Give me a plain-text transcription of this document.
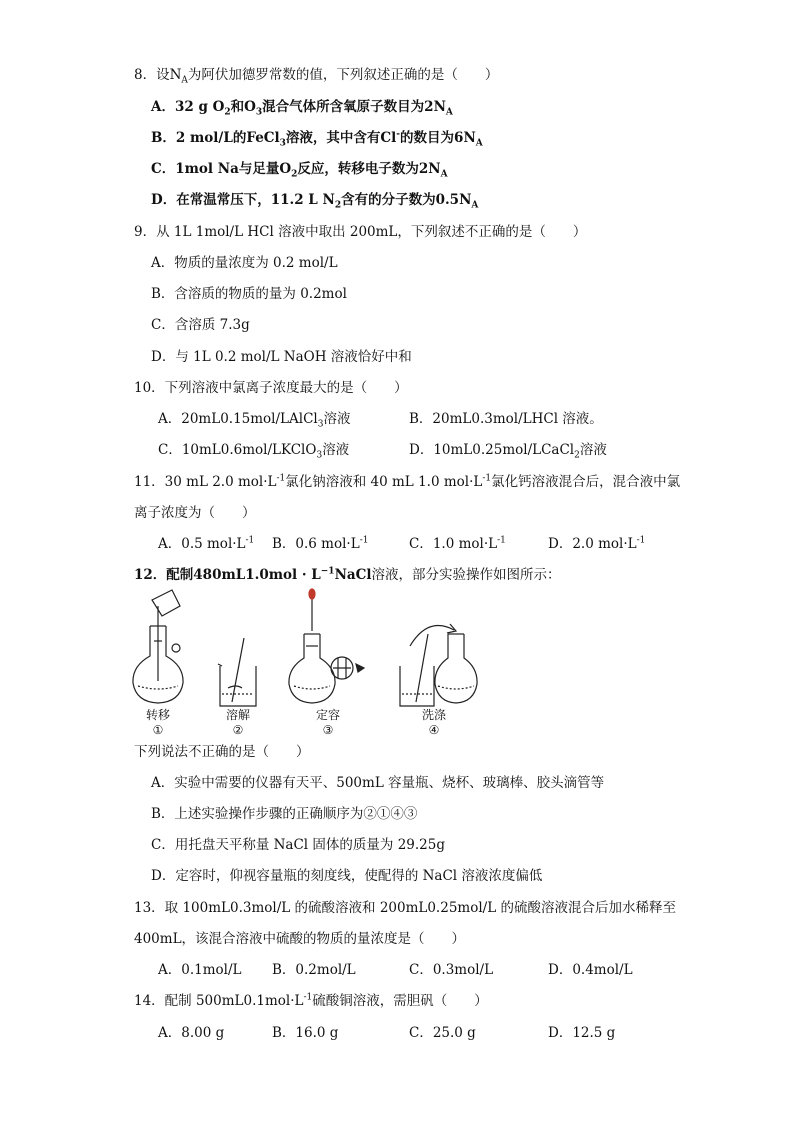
8．设$N_A$为阿伏加德罗常数的值，下列叙述正确的是（　　）
A．32 g $O_2$和$O_3$混合气体所含氧原子数目为$2N_A$
B．2 mol/L的FeCl$_3$溶液，其中含有Cl-的数目为$6N_A$
C．1mol Na与足量$O_2$反应，转移电子数为$2N_A$
D．在常温常压下，11.2 L $N_2$含有的分子数为$0.5N_A$
9．从 1L 1mol/L HCl 溶液中取出 200mL，下列叙述不正确的是（　　）
A．物质的量浓度为 0.2 mol/L
B．含溶质的物质的量为 0.2mol
C．含溶质 7.3g
D．与 1L 0.2 mol/L NaOH 溶液恰好中和
10．下列溶液中氯离子浓度最大的是（　　）
A．20mL0.15mol/LAlCl$_3$溶液	B．20mL0.3mol/LHCl 溶液。
C．10mL0.6mol/LKClO$_3$溶液	D．10mL0.25mol/LCaCl$_2$溶液
11．30 mL 2.0 $mol\cdot L^{-1}$氯化钠溶液和 40 mL 1.0 $mol\cdot L^{-1}$氯化钙溶液混合后，混合液中氯
离子浓度为（　　）
A．0.5 $mol\cdot L^{-1}$ B．0.6 $mol\cdot L^{-1}$	C．1.0 $mol\cdot L^{-1}$	D．2.0 $mol\cdot L^{-1}$
12．配制$480mL1.0mol \cdot L^{-1}NaCl$溶液，部分实验操作如图所示：
转移
①
溶解
②
定容
③
洗涤
④
下列说法不正确的是（　　）
A．实验中需要的仪器有天平、500mL 容量瓶、烧杯、玻璃棒、胶头滴管等
B．上述实验操作步骤的正确顺序为②①④③
C．用托盘天平称量 NaCl 固体的质量为 29.25g
D．定容时，仰视容量瓶的刻度线，使配得的 NaCl 溶液浓度偏低
13．取 100mL0.3mol/L 的硫酸溶液和 200mL0.25mol/L 的硫酸溶液混合后加水稀释至
400mL，该混合溶液中硫酸的物质的量浓度是（　　）
A．0.1mol/L B．0.2mol/L	C．0.3mol/L	D．0.4mol/L
14．配制 $500mL0.1mol\cdot L^{-1}$硫酸铜溶液，需胆矾（　　）
A．8.00 g	B．16.0 g	C．25.0 g	D．12.5 g
